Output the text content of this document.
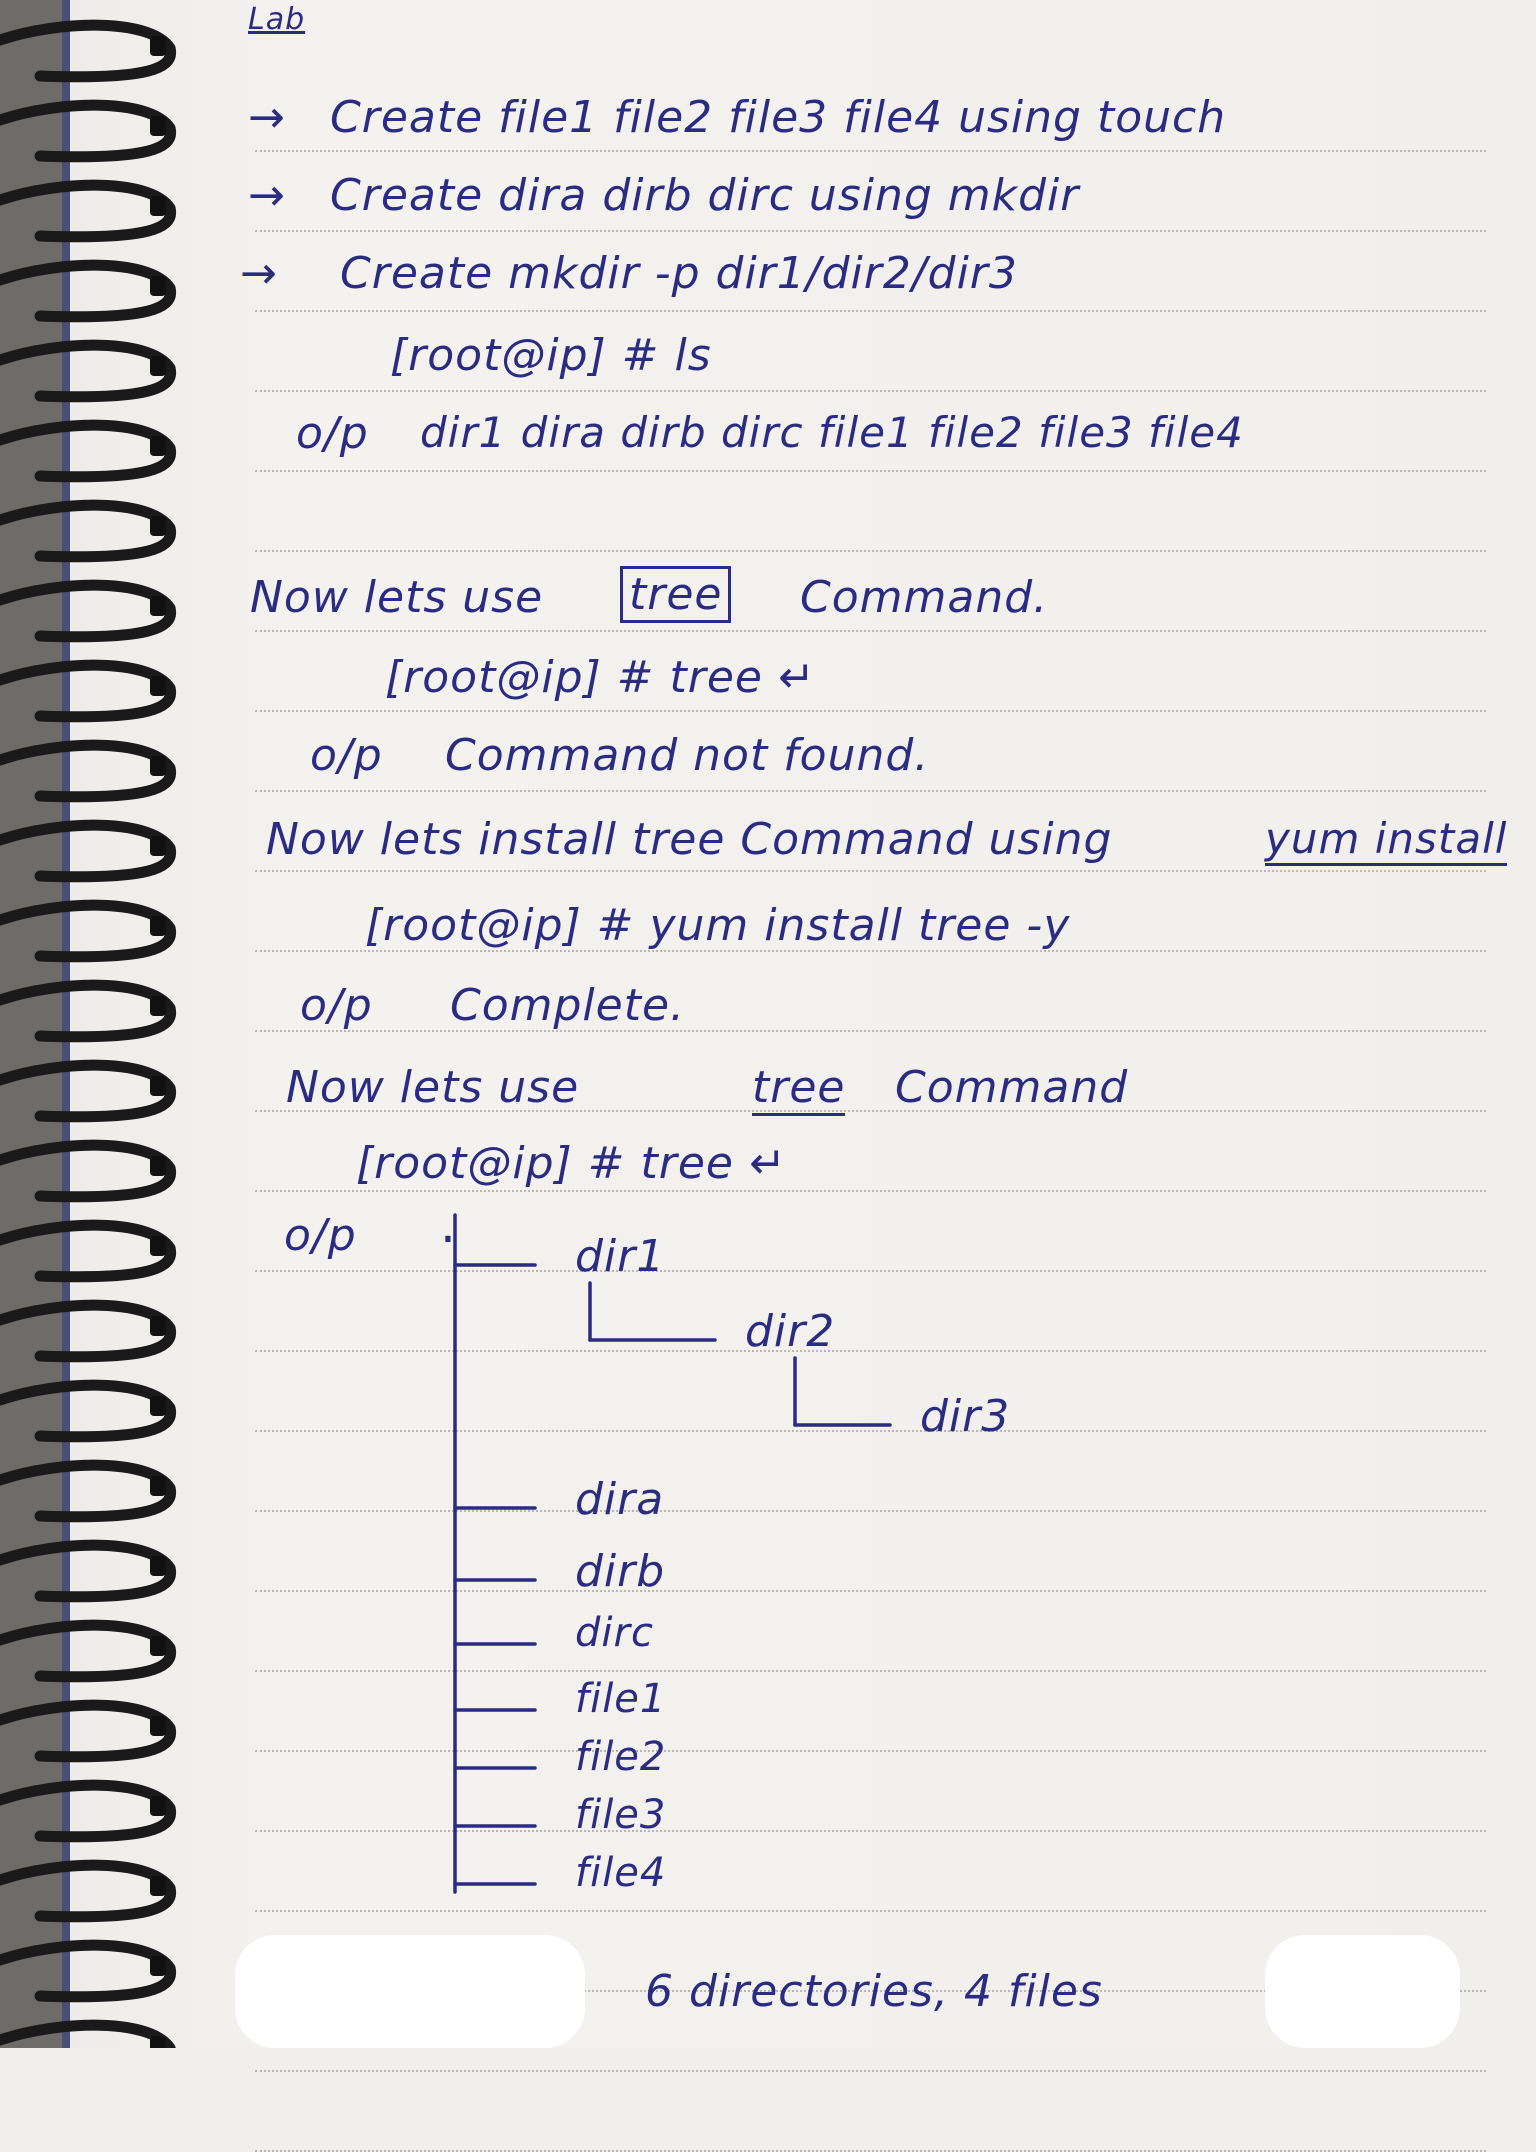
Lab
→ Create file1 file2 file3 file4 using touch
→ Create dira dirb dirc using mkdir
→ Create mkdir -p dir1/dir2/dir3
[root@ip] # ls
o/p dir1 dira dirb dirc file1 file2 file3 file4
Now lets use tree Command.
[root@ip] # tree ↵
o/p Command not found.
Now lets install tree Command using	yum install
[root@ip] # yum install tree -y
o/p Complete.
Now lets use	tree Command
[root@ip] # tree ↵
o/p .
dir1
dir2
dir3
dira
dirb
dirc
file1
file2
file3
file4
6 directories, 4 files
